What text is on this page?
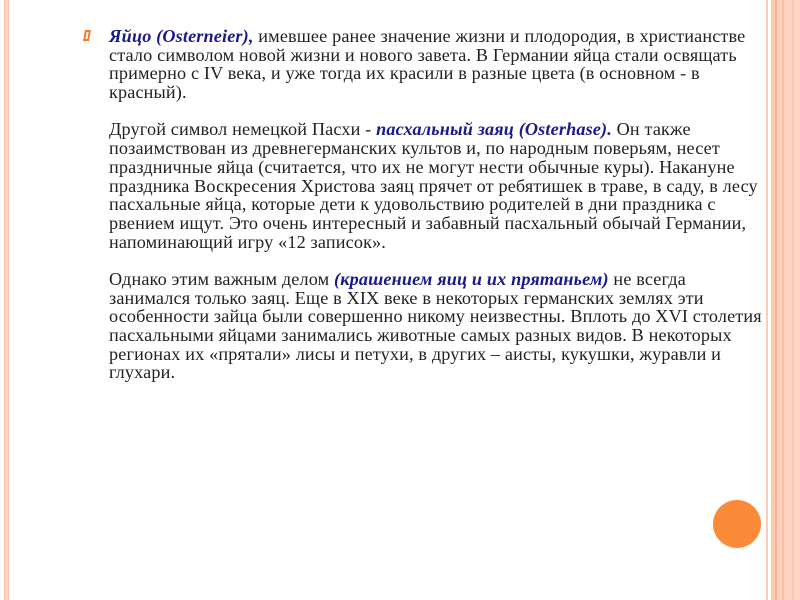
Яйцо (Osterneier), имевшее ранее значение жизни и плодородия, в христианстве стало символом новой жизни и нового завета. В Германии яйца стали освящать примерно с IV века, и уже тогда их красили в разные цвета (в основном - в красный).

Другой символ немецкой Пасхи - пасхальный заяц (Osterhase). Он также позаимствован из древнегерманских культов и, по народным поверьям, несет праздничные яйца (считается, что их не могут нести обычные куры). Накануне праздника Воскресения Христова заяц прячет от ребятишек в траве, в саду, в лесу пасхальные яйца, которые дети к удовольствию родителей в дни праздника с рвением ищут. Это очень интересный и забавный пасхальный обычай Германии, напоминающий игру «12 записок».

Однако этим важным делом (крашением яиц и их прятаньем) не всегда занимался только заяц. Еще в XIX веке в некоторых германских землях эти особенности зайца были совершенно никому неизвестны. Вплоть до XVI столетия пасхальными яйцами занимались животные самых разных видов. В некоторых регионах их «прятали» лисы и петухи, в других – аисты, кукушки, журавли и глухари.
